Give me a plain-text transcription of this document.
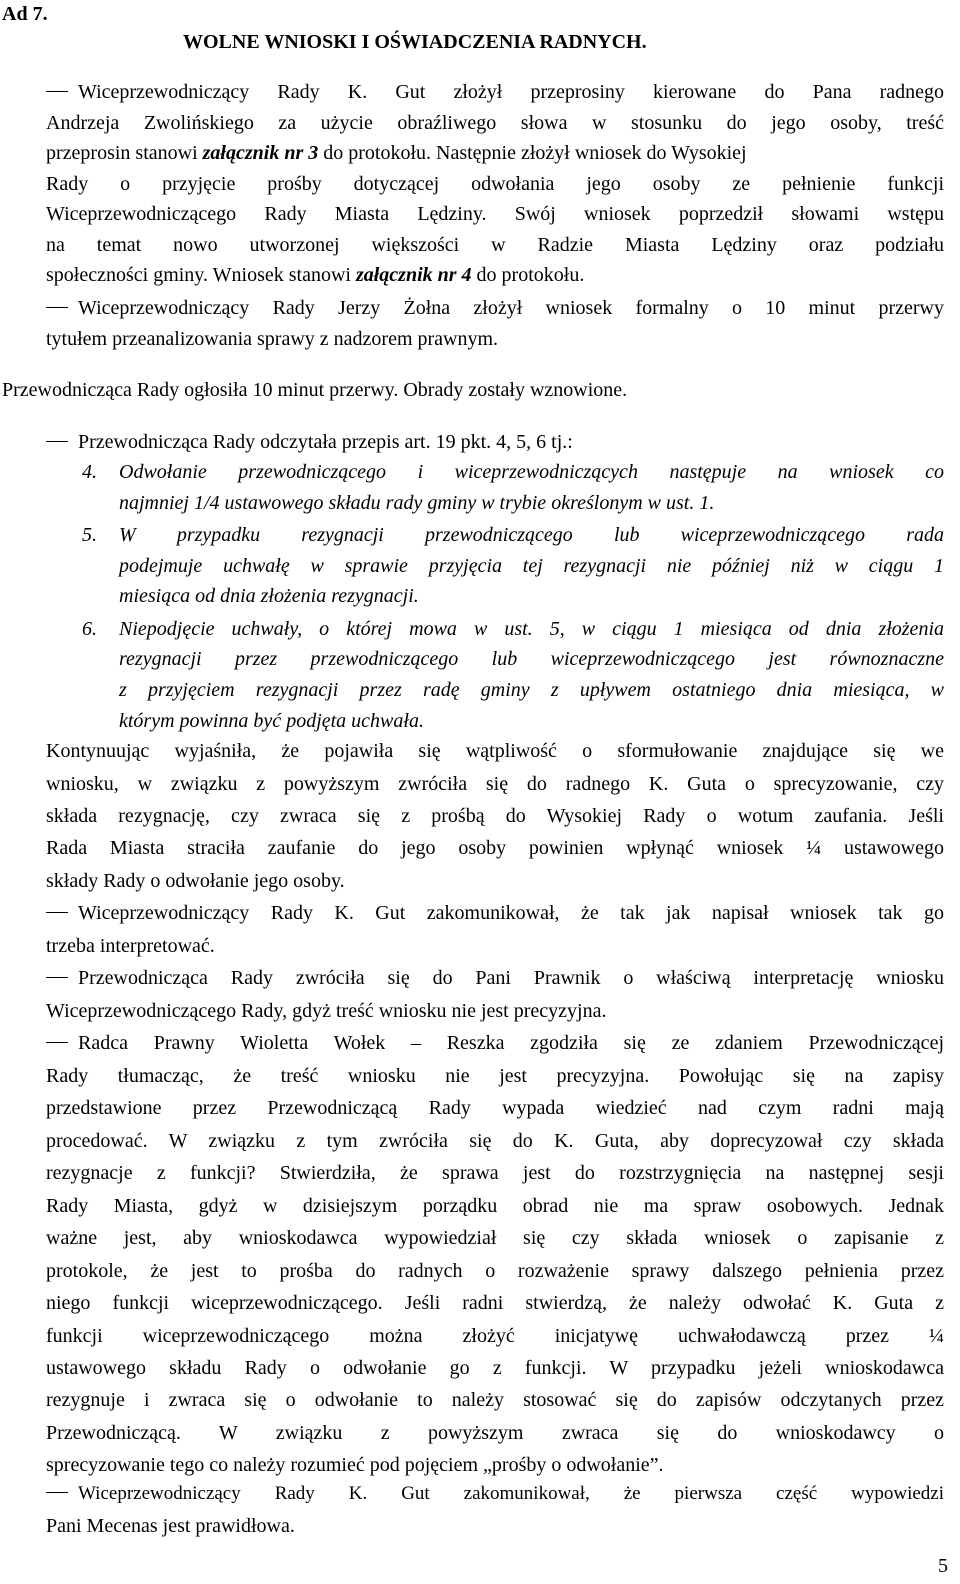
Ad 7.
WOLNE WNIOSKI I OŚWIADCZENIA RADNYCH.
Wiceprzewodniczący Rady K. Gut złożył przeprosiny kierowane do Pana radnego
Andrzeja Zwolińskiego za użycie obraźliwego słowa w stosunku do jego osoby, treść
przeprosin stanowi załącznik nr 3 do protokołu. Następnie złożył wniosek do Wysokiej
Rady o przyjęcie prośby dotyczącej odwołania jego osoby ze pełnienie funkcji
Wiceprzewodniczącego Rady Miasta Lędziny. Swój wniosek poprzedził słowami wstępu
na temat nowo utworzonej większości w Radzie Miasta Lędziny oraz podziału
społeczności gminy. Wniosek stanowi załącznik nr 4 do protokołu.
Wiceprzewodniczący Rady Jerzy Żołna złożył wniosek formalny o 10 minut przerwy
tytułem przeanalizowania sprawy z nadzorem prawnym.
Przewodnicząca Rady ogłosiła 10 minut przerwy. Obrady zostały wznowione.
Przewodnicząca Rady odczytała przepis art. 19 pkt. 4, 5, 6 tj.:
4. Odwołanie przewodniczącego i wiceprzewodniczących następuje na wniosek co
najmniej 1/4 ustawowego składu rady gminy w trybie określonym w ust. 1.
5. W przypadku rezygnacji przewodniczącego lub wiceprzewodniczącego rada
podejmuje uchwałę w sprawie przyjęcia tej rezygnacji nie później niż w ciągu 1
miesiąca od dnia złożenia rezygnacji.
6. Niepodjęcie uchwały, o której mowa w ust. 5, w ciągu 1 miesiąca od dnia złożenia
rezygnacji przez przewodniczącego lub wiceprzewodniczącego jest równoznaczne
z przyjęciem rezygnacji przez radę gminy z upływem ostatniego dnia miesiąca, w
którym powinna być podjęta uchwała.
Kontynuując wyjaśniła, że pojawiła się wątpliwość o sformułowanie znajdujące się we
wniosku, w związku z powyższym zwróciła się do radnego K. Guta o sprecyzowanie, czy
składa rezygnację, czy zwraca się z prośbą do Wysokiej Rady o wotum zaufania. Jeśli
Rada Miasta straciła zaufanie do jego osoby powinien wpłynąć wniosek ¼ ustawowego
składy Rady o odwołanie jego osoby.
Wiceprzewodniczący Rady K. Gut zakomunikował, że tak jak napisał wniosek tak go
trzeba interpretować.
Przewodnicząca Rady zwróciła się do Pani Prawnik o właściwą interpretację wniosku
Wiceprzewodniczącego Rady, gdyż treść wniosku nie jest precyzyjna.
Radca Prawny Wioletta Wołek – Reszka zgodziła się ze zdaniem Przewodniczącej
Rady tłumacząc, że treść wniosku nie jest precyzyjna. Powołując się na zapisy
przedstawione przez Przewodniczącą Rady wypada wiedzieć nad czym radni mają
procedować. W związku z tym zwróciła się do K. Guta, aby doprecyzował czy składa
rezygnacje z funkcji? Stwierdziła, że sprawa jest do rozstrzygnięcia na następnej sesji
Rady Miasta, gdyż w dzisiejszym porządku obrad nie ma spraw osobowych. Jednak
ważne jest, aby wnioskodawca wypowiedział się czy składa wniosek o zapisanie z
protokole, że jest to prośba do radnych o rozważenie sprawy dalszego pełnienia przez
niego funkcji wiceprzewodniczącego. Jeśli radni stwierdzą, że należy odwołać K. Guta z
funkcji wiceprzewodniczącego można złożyć inicjatywę uchwałodawczą przez ¼
ustawowego składu Rady o odwołanie go z funkcji. W przypadku jeżeli wnioskodawca
rezygnuje i zwraca się o odwołanie to należy stosować się do zapisów odczytanych przez
Przewodniczącą. W związku z powyższym zwraca się do wnioskodawcy o
sprecyzowanie tego co należy rozumieć pod pojęciem „prośby o odwołanie”.
Wiceprzewodniczący Rady K. Gut zakomunikował, że pierwsza część wypowiedzi
Pani Mecenas jest prawidłowa.
5
